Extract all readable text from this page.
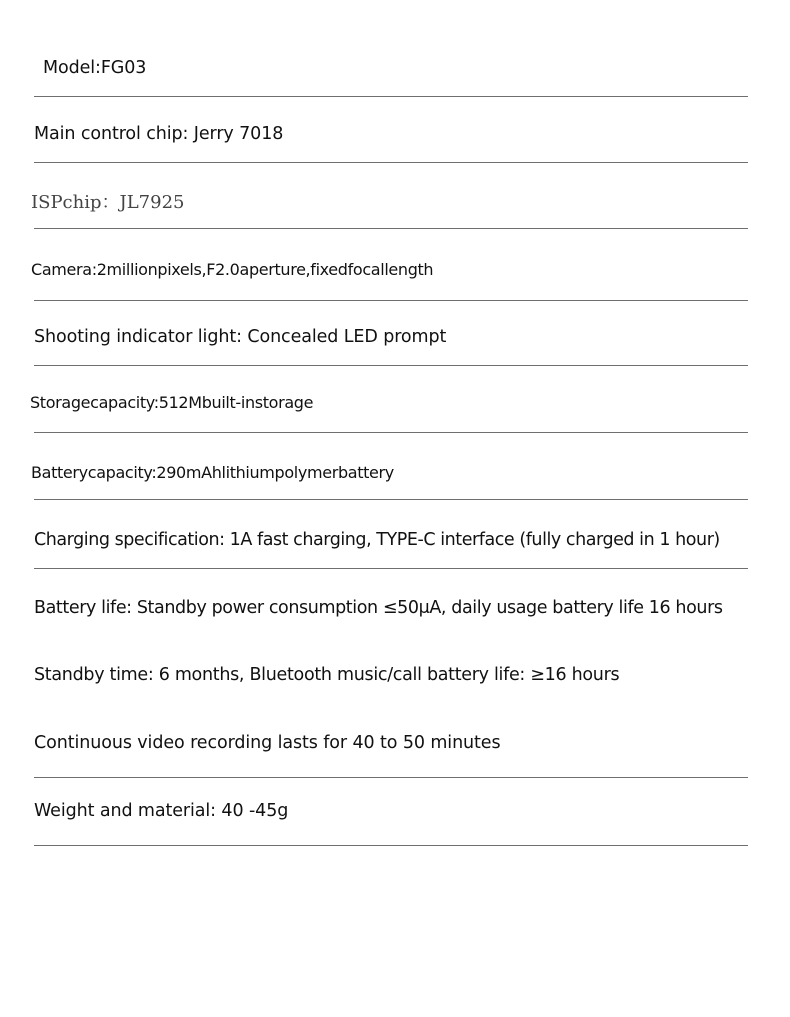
Model:FG03

Main control chip: Jerry 7018

ISPchip：JL7925

Camera:2millionpixels,F2.0aperture,fixedfocallength

Shooting indicator light: Concealed LED prompt

Storagecapacity:512Mbuilt-instorage

Batterycapacity:290mAhlithiumpolymerbattery

Charging specification: 1A fast charging, TYPE-C interface (fully charged in 1 hour)

Battery life: Standby power consumption ≤50μA, daily usage battery life 16 hours

Standby time: 6 months, Bluetooth music/call battery life: ≥16 hours

Continuous video recording lasts for 40 to 50 minutes

Weight and material: 40 -45g
